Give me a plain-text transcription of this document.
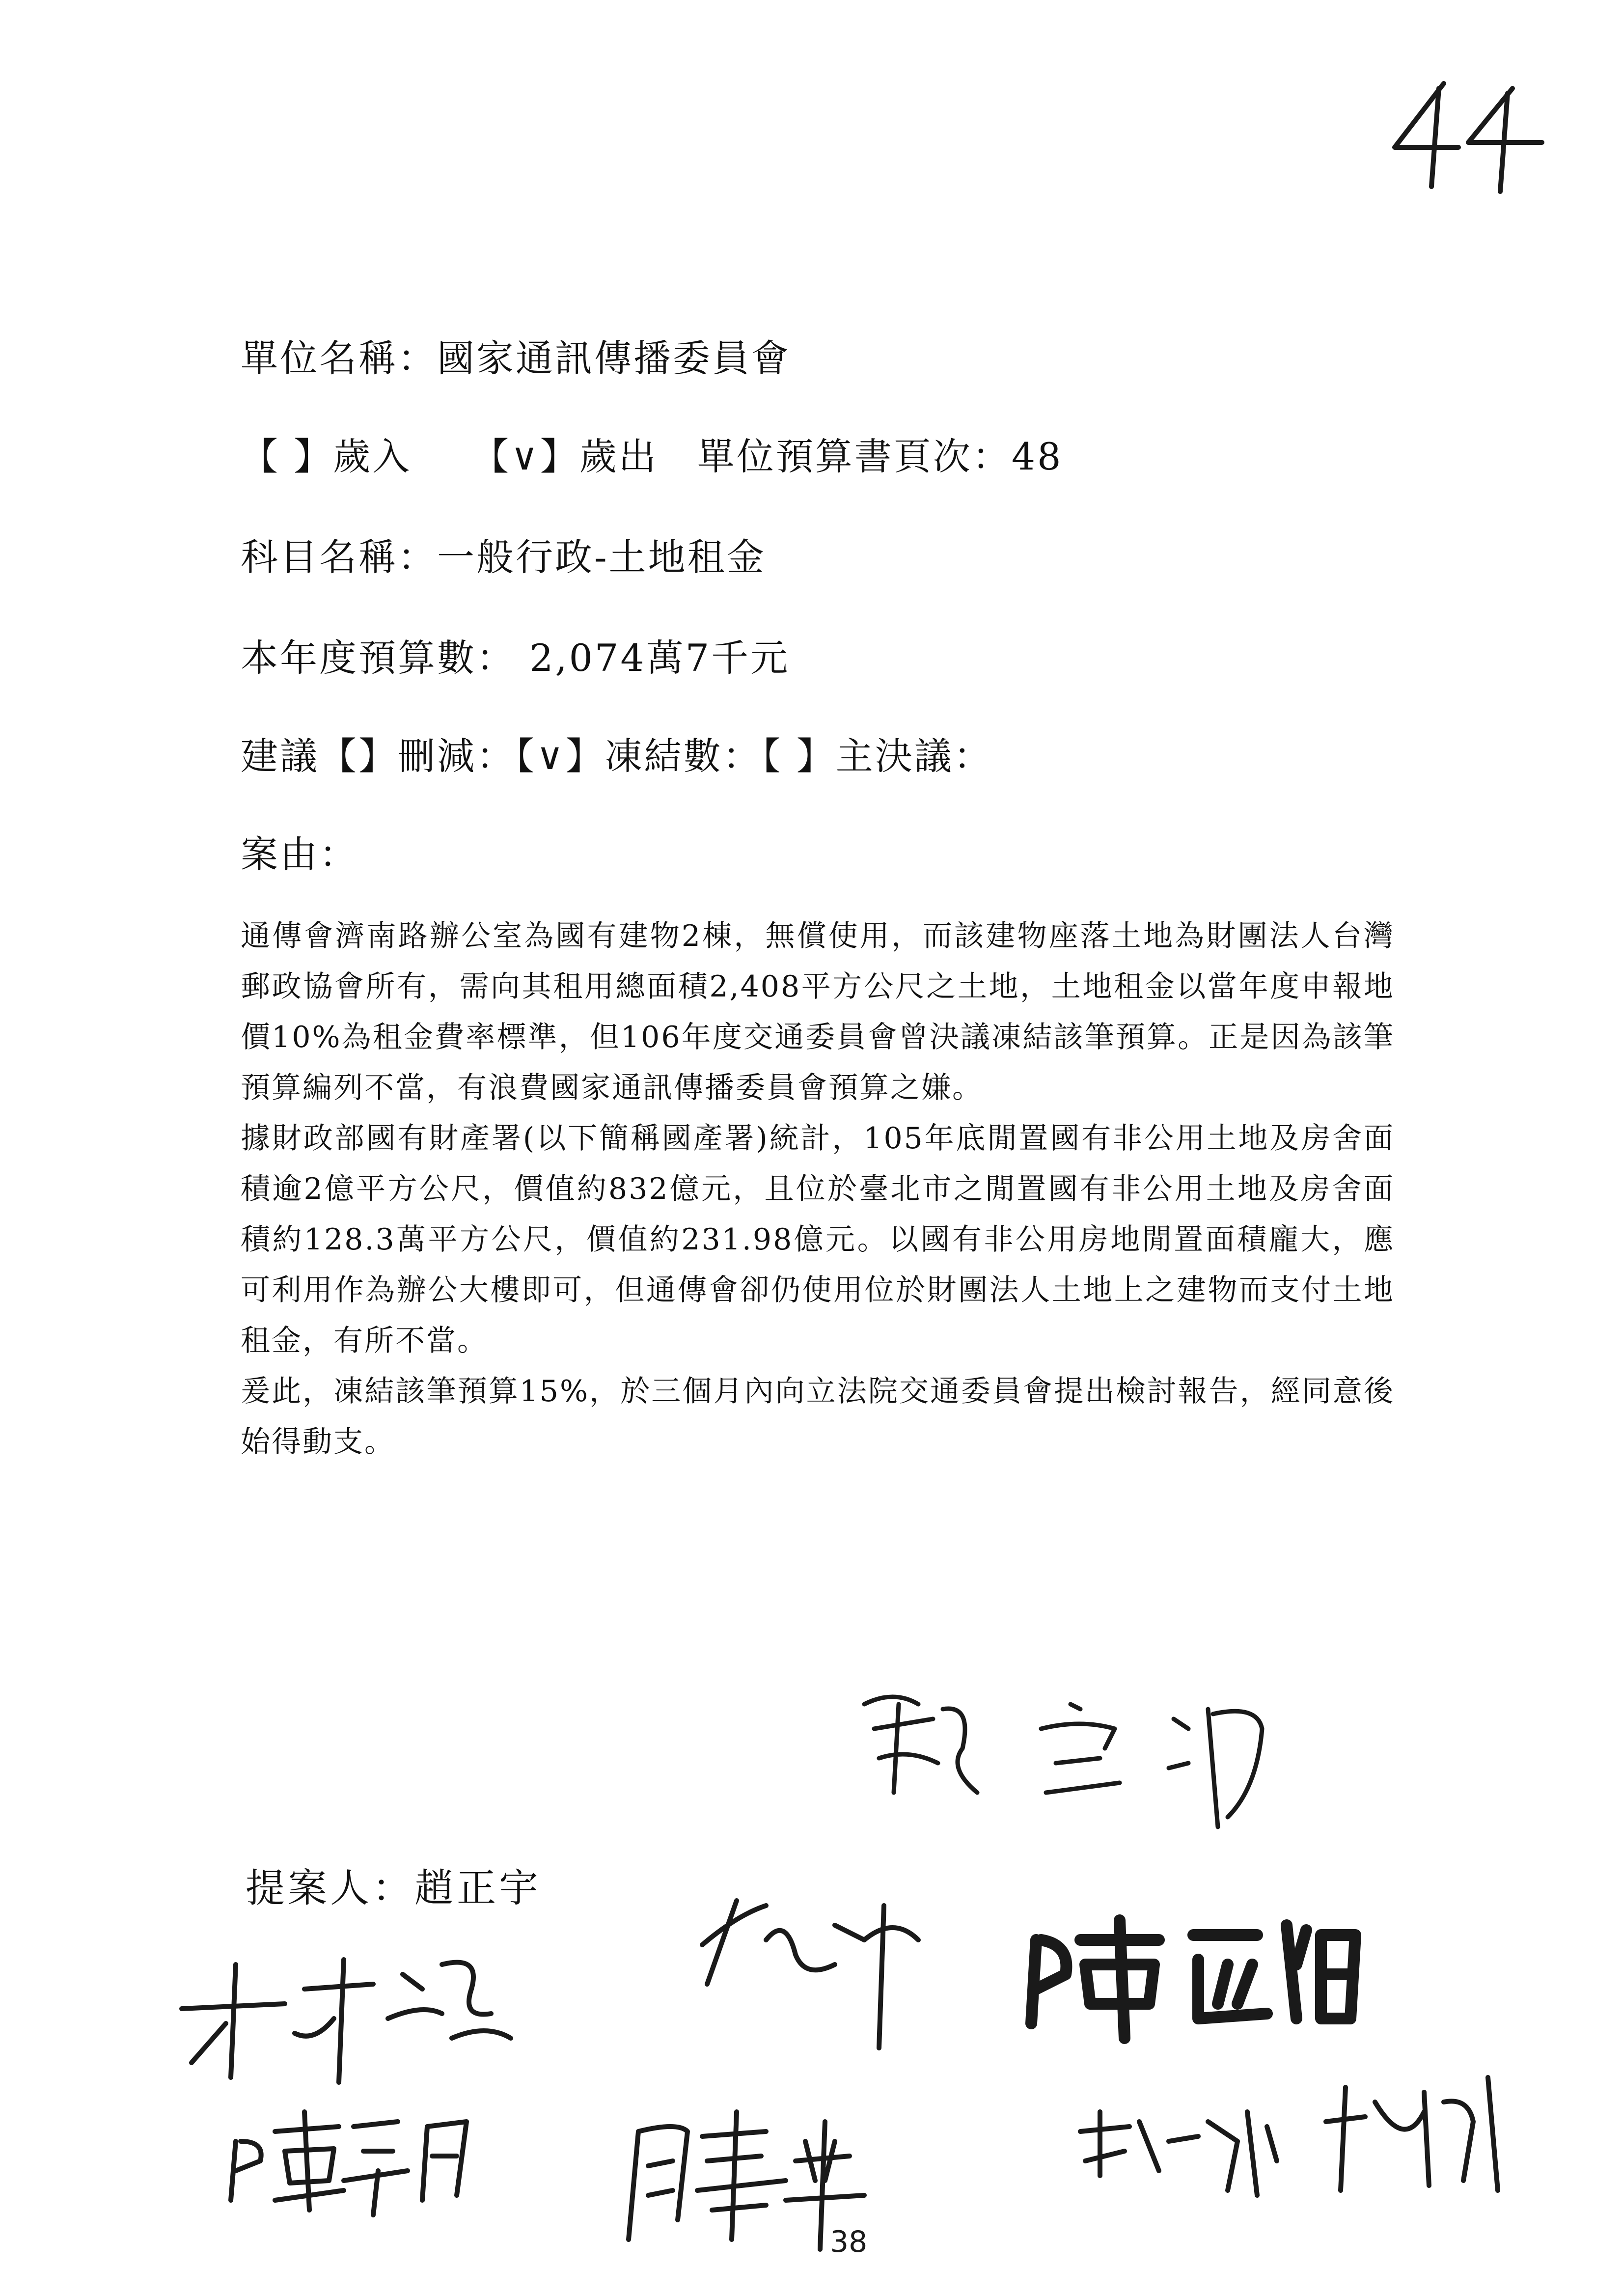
44
單位名稱：國家通訊傳播委員會
【 】歲入　　【∨】歲出　單位預算書頁次：48
科目名稱：一般行政-土地租金
本年度預算數： 2,074萬7千元
建議【】刪減：【∨】凍結數：【 】主決議：
案由：

通傳會濟南路辦公室為國有建物2棟，無償使用，而該建物座落土地為財團法人台灣郵政協會所有，需向其租用總面積2,408平方公尺之土地，土地租金以當年度申報地價10%為租金費率標準，但106年度交通委員會曾決議凍結該筆預算。正是因為該筆預算編列不當，有浪費國家通訊傳播委員會預算之嫌。

據財政部國有財產署(以下簡稱國產署)統計，105年底閒置國有非公用土地及房舍面積逾2億平方公尺，價值約832億元，且位於臺北市之閒置國有非公用土地及房舍面積約128.3萬平方公尺，價值約231.98億元。以國有非公用房地閒置面積龐大，應可利用作為辦公大樓即可，但通傳會卻仍使用位於財團法人土地上之建物而支付土地租金，有所不當。

爰此，凍結該筆預算15%，於三個月內向立法院交通委員會提出檢討報告，經同意後始得動支。

提案人：趙正宇
38
